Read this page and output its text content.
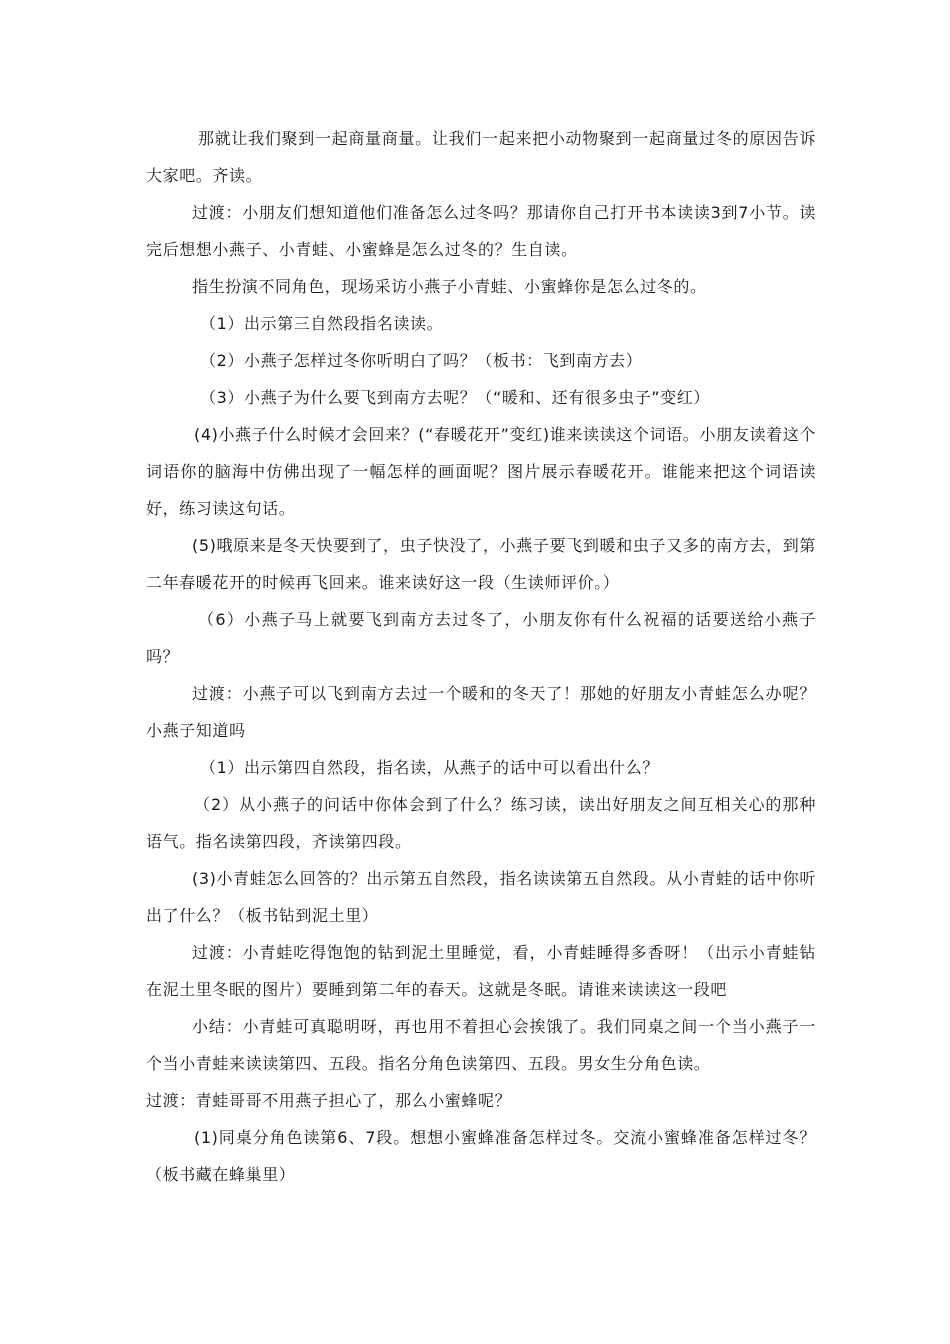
那就让我们聚到一起商量商量。让我们一起来把小动物聚到一起商量过冬的原因告诉大家吧。齐读。

过渡：小朋友们想知道他们准备怎么过冬吗？那请你自己打开书本读读3到7小节。读完后想想小燕子、小青蛙、小蜜蜂是怎么过冬的？生自读。

指生扮演不同角色，现场采访小燕子小青蛙、小蜜蜂你是怎么过冬的。

（1）出示第三自然段指名读读。

（2）小燕子怎样过冬你听明白了吗？（板书：飞到南方去）

（3）小燕子为什么要飞到南方去呢？（“暖和、还有很多虫子”变红）

(4)小燕子什么时候才会回来？(“春暖花开”变红)谁来读读这个词语。小朋友读着这个词语你的脑海中仿佛出现了一幅怎样的画面呢？图片展示春暖花开。谁能来把这个词语读好，练习读这句话。

(5)哦原来是冬天快要到了，虫子快没了，小燕子要飞到暖和虫子又多的南方去，到第二年春暖花开的时候再飞回来。谁来读好这一段（生读师评价。）

（6）小燕子马上就要飞到南方去过冬了，小朋友你有什么祝福的话要送给小燕子吗？

过渡：小燕子可以飞到南方去过一个暖和的冬天了！那她的好朋友小青蛙怎么办呢？ 小燕子知道吗

（1）出示第四自然段，指名读，从燕子的话中可以看出什么？

（2）从小燕子的问话中你体会到了什么？练习读，读出好朋友之间互相关心的那种语气。指名读第四段，齐读第四段。

(3)小青蛙怎么回答的？出示第五自然段，指名读读第五自然段。从小青蛙的话中你听出了什么？（板书钻到泥土里）

过渡：小青蛙吃得饱饱的钻到泥土里睡觉，看，小青蛙睡得多香呀！（出示小青蛙钻在泥土里冬眠的图片）要睡到第二年的春天。这就是冬眠。请谁来读读这一段吧

小结：小青蛙可真聪明呀，再也用不着担心会挨饿了。我们同桌之间一个当小燕子一个当小青蛙来读读第四、五段。指名分角色读第四、五段。男女生分角色读。

过渡：青蛙哥哥不用燕子担心了，那么小蜜蜂呢？

(1)同桌分角色读第6、7段。想想小蜜蜂准备怎样过冬。交流小蜜蜂准备怎样过冬？（板书藏在蜂巢里）
